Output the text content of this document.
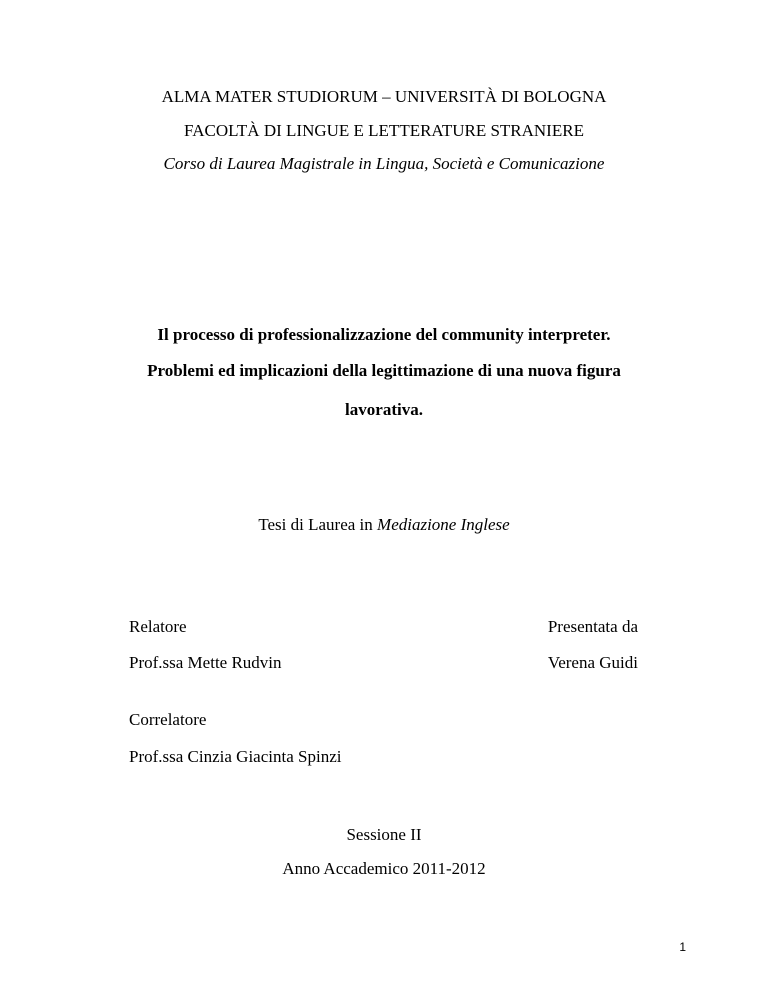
ALMA MATER STUDIORUM – UNIVERSITÀ DI BOLOGNA
FACOLTÀ DI LINGUE E LETTERATURE STRANIERE
Corso di Laurea Magistrale in Lingua, Società e Comunicazione
Il processo di professionalizzazione del community interpreter.
Problemi ed implicazioni della legittimazione di una nuova figura
lavorativa.
Tesi di Laurea in Mediazione Inglese
Relatore	Presentata da
Prof.ssa Mette Rudvin	Verena Guidi
Correlatore
Prof.ssa Cinzia Giacinta Spinzi
Sessione II
Anno Accademico 2011-2012
1
